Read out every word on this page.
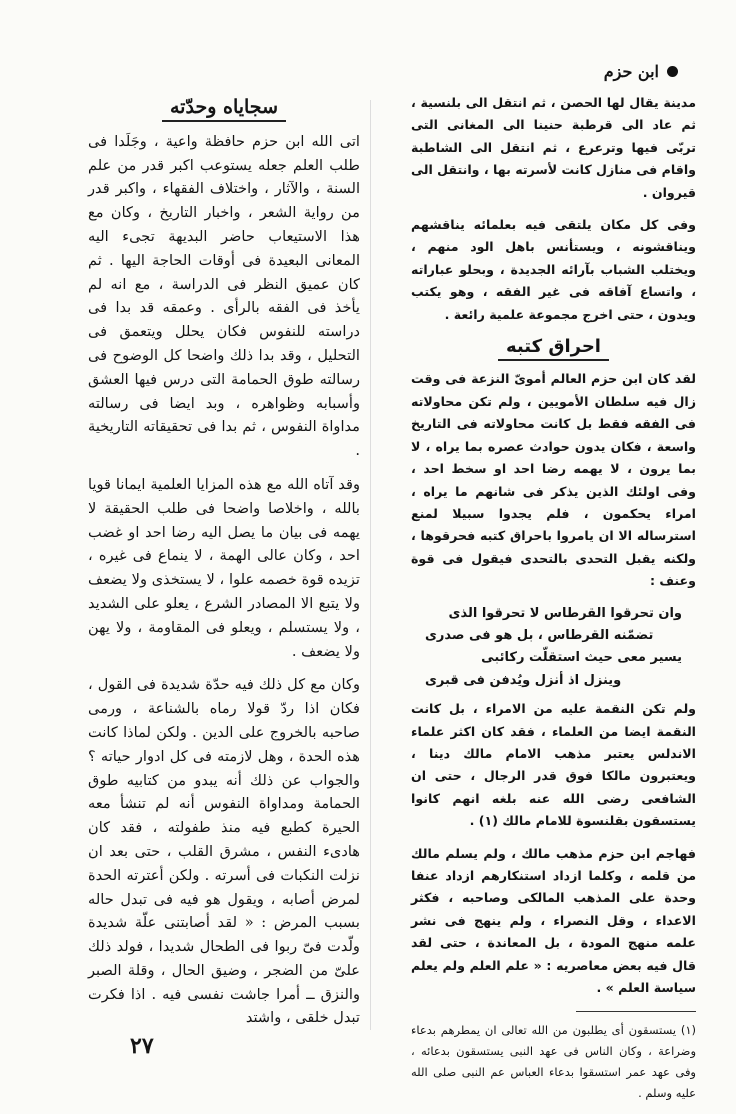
ابن حزم

مدينة يقال لها الحصن ، ثم انتقل الى بلنسية ، ثم عاد الى قرطبة حنينا الى المغانى التى تربّى فيها وترعرع ، ثم انتقل الى الشاطبة واقام فى منازل كانت لأسرته بها ، وانتقل الى قيروان .

وفى كل مكان يلتقى فيه بعلمائه يناقشهم ويناقشونه ، ويستأنس باهل الود منهم ، ويختلب الشباب بآرائه الجديدة ، وبحلو عباراته ، واتساع آفاقه فى غير الفقه ، وهو يكتب ويدون ، حتى اخرج مجموعة علمية رائعة .

احراق كتبه

لقد كان ابن حزم العالم أموىّ النزعة فى وقت زال فيه سلطان الأمويين ، ولم تكن محاولاته فى الفقه فقط بل كانت محاولاته فى التاريخ واسعة ، فكان يدون حوادث عصره بما يراه ، لا بما يرون ، لا يهمه رضا احد او سخط احد ، وفى اولئك الذين يذكر فى شانهم ما يراه ، امراء يحكمون ، فلم يجدوا سبيلا لمنع استرساله الا ان يامروا باحراق كتبه فحرقوها ، ولكنه يقبل التحدى بالتحدى فيقول فى قوة وعنف :

وان تحرقوا القرطاس لا تحرقوا الذى
تضمّنه القرطاس ، بل هو فى صدرى
يسير معى حيث استقلّت ركائبى
وينزل اذ أنزل ويُدفن فى قبرى

ولم تكن النقمة عليه من الامراء ، بل كانت النقمة ايضا من العلماء ، فقد كان اكثر علماء الاندلس يعتبر مذهب الامام مالك دينا ، ويعتبرون مالكا فوق قدر الرجال ، حتى ان الشافعى رضى الله عنه بلغه انهم كانوا يستسقون بقلنسوة للامام مالك (١) .

فهاجم ابن حزم مذهب مالك ، ولم يسلم مالك من قلمه ، وكلما ازداد استنكارهم ازداد عنفا وحدة على المذهب المالكى وصاحبه ، فكثر الاعداء ، وقل النصراء ، ولم ينهج فى نشر علمه منهج المودة ، بل المعاندة ، حتى لقد قال فيه بعض معاصريه : « علم العلم ولم يعلم سياسة العلم » .

(١) يستسقون أى يطلبون من الله تعالى ان يمطرهم بدعاء وضراعة ، وكان الناس فى عهد النبى يستسقون بدعائه ، وفى عهد عمر استسقوا بدعاء العباس عم النبى صلى الله عليه وسلم .

سجاياه وحدّته

اتى الله ابن حزم حافظة واعية ، وجَلَدا فى طلب العلم جعله يستوعب اكبر قدر من علم السنة ، والآثار ، واختلاف الفقهاء ، واكبر قدر من رواية الشعر ، واخبار التاريخ ، وكان مع هذا الاستيعاب حاضر البديهة تجىء اليه المعانى البعيدة فى أوقات الحاجة اليها . ثم كان عميق النظر فى الدراسة ، مع انه لم يأخذ فى الفقه بالرأى . وعمقه قد بدا فى دراسته للنفوس فكان يحلل ويتعمق فى التحليل ، وقد بدا ذلك واضحا كل الوضوح فى رسالته طوق الحمامة التى درس فيها العشق وأسبابه وظواهره ، وبد ايضا فى رسالته مداواة النفوس ، ثم بدا فى تحقيقاته التاريخية .

وقد آتاه الله مع هذه المزايا العلمية ايمانا قويا بالله ، واخلاصا واضحا فى طلب الحقيقة لا يهمه فى بيان ما يصل اليه رضا احد او غضب احد ، وكان عالى الهمة ، لا ينماع فى غيره ، تزيده قوة خصمه علوا ، لا يستخذى ولا يضعف ولا يتبع الا المصادر الشرع ، يعلو على الشديد ، ولا يستسلم ، ويعلو فى المقاومة ، ولا يهن ولا يضعف .

وكان مع كل ذلك فيه حدّة شديدة فى القول ، فكان اذا ردّ قولا رماه بالشناعة ، ورمى صاحبه بالخروج على الدين . ولكن لماذا كانت هذه الحدة ، وهل لازمته فى كل ادوار حياته ؟ والجواب عن ذلك أنه يبدو من كتابيه طوق الحمامة ومداواة النفوس أنه لم تنشأ معه الحيرة كطبع فيه منذ طفولته ، فقد كان هادىء النفس ، مشرق القلب ، حتى بعد ان نزلت النكبات فى أسرته . ولكن أعترته الحدة لمرض أصابه ، ويقول هو فيه فى تبدل حاله بسبب المرض : « لقد أصابتنى علّة شديدة ولّدت فىّ ربوا فى الطحال شديدا ، فولد ذلك علىّ من الضجر ، وضيق الحال ، وقلة الصبر والنزق ــ أمرا جاشت نفسى فيه . اذا فكرت تبدل خلقى ، واشتد

٢٧
